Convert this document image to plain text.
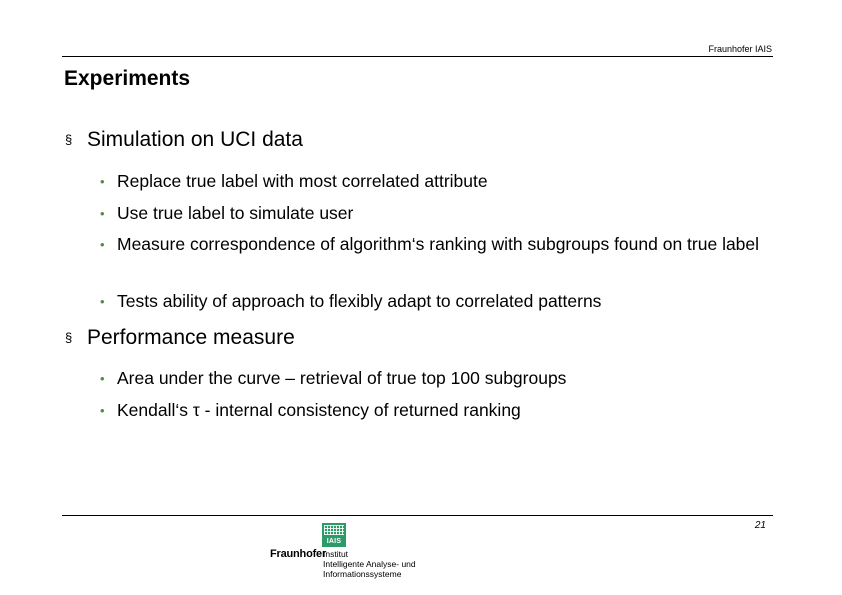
Fraunhofer IAIS
Experiments
§ Simulation on UCI data
• Replace true label with most correlated attribute
• Use true label to simulate user
• Measure correspondence of algorithm‘s ranking with subgroups found on true label
• Tests ability of approach to flexibly adapt to correlated patterns
§ Performance measure
• Area under the curve – retrieval of true top 100 subgroups
• Kendall‘s τ - internal consistency of returned ranking
21
IAIS
Fraunhofer
Institut
Intelligente Analyse- und
Informationssysteme
